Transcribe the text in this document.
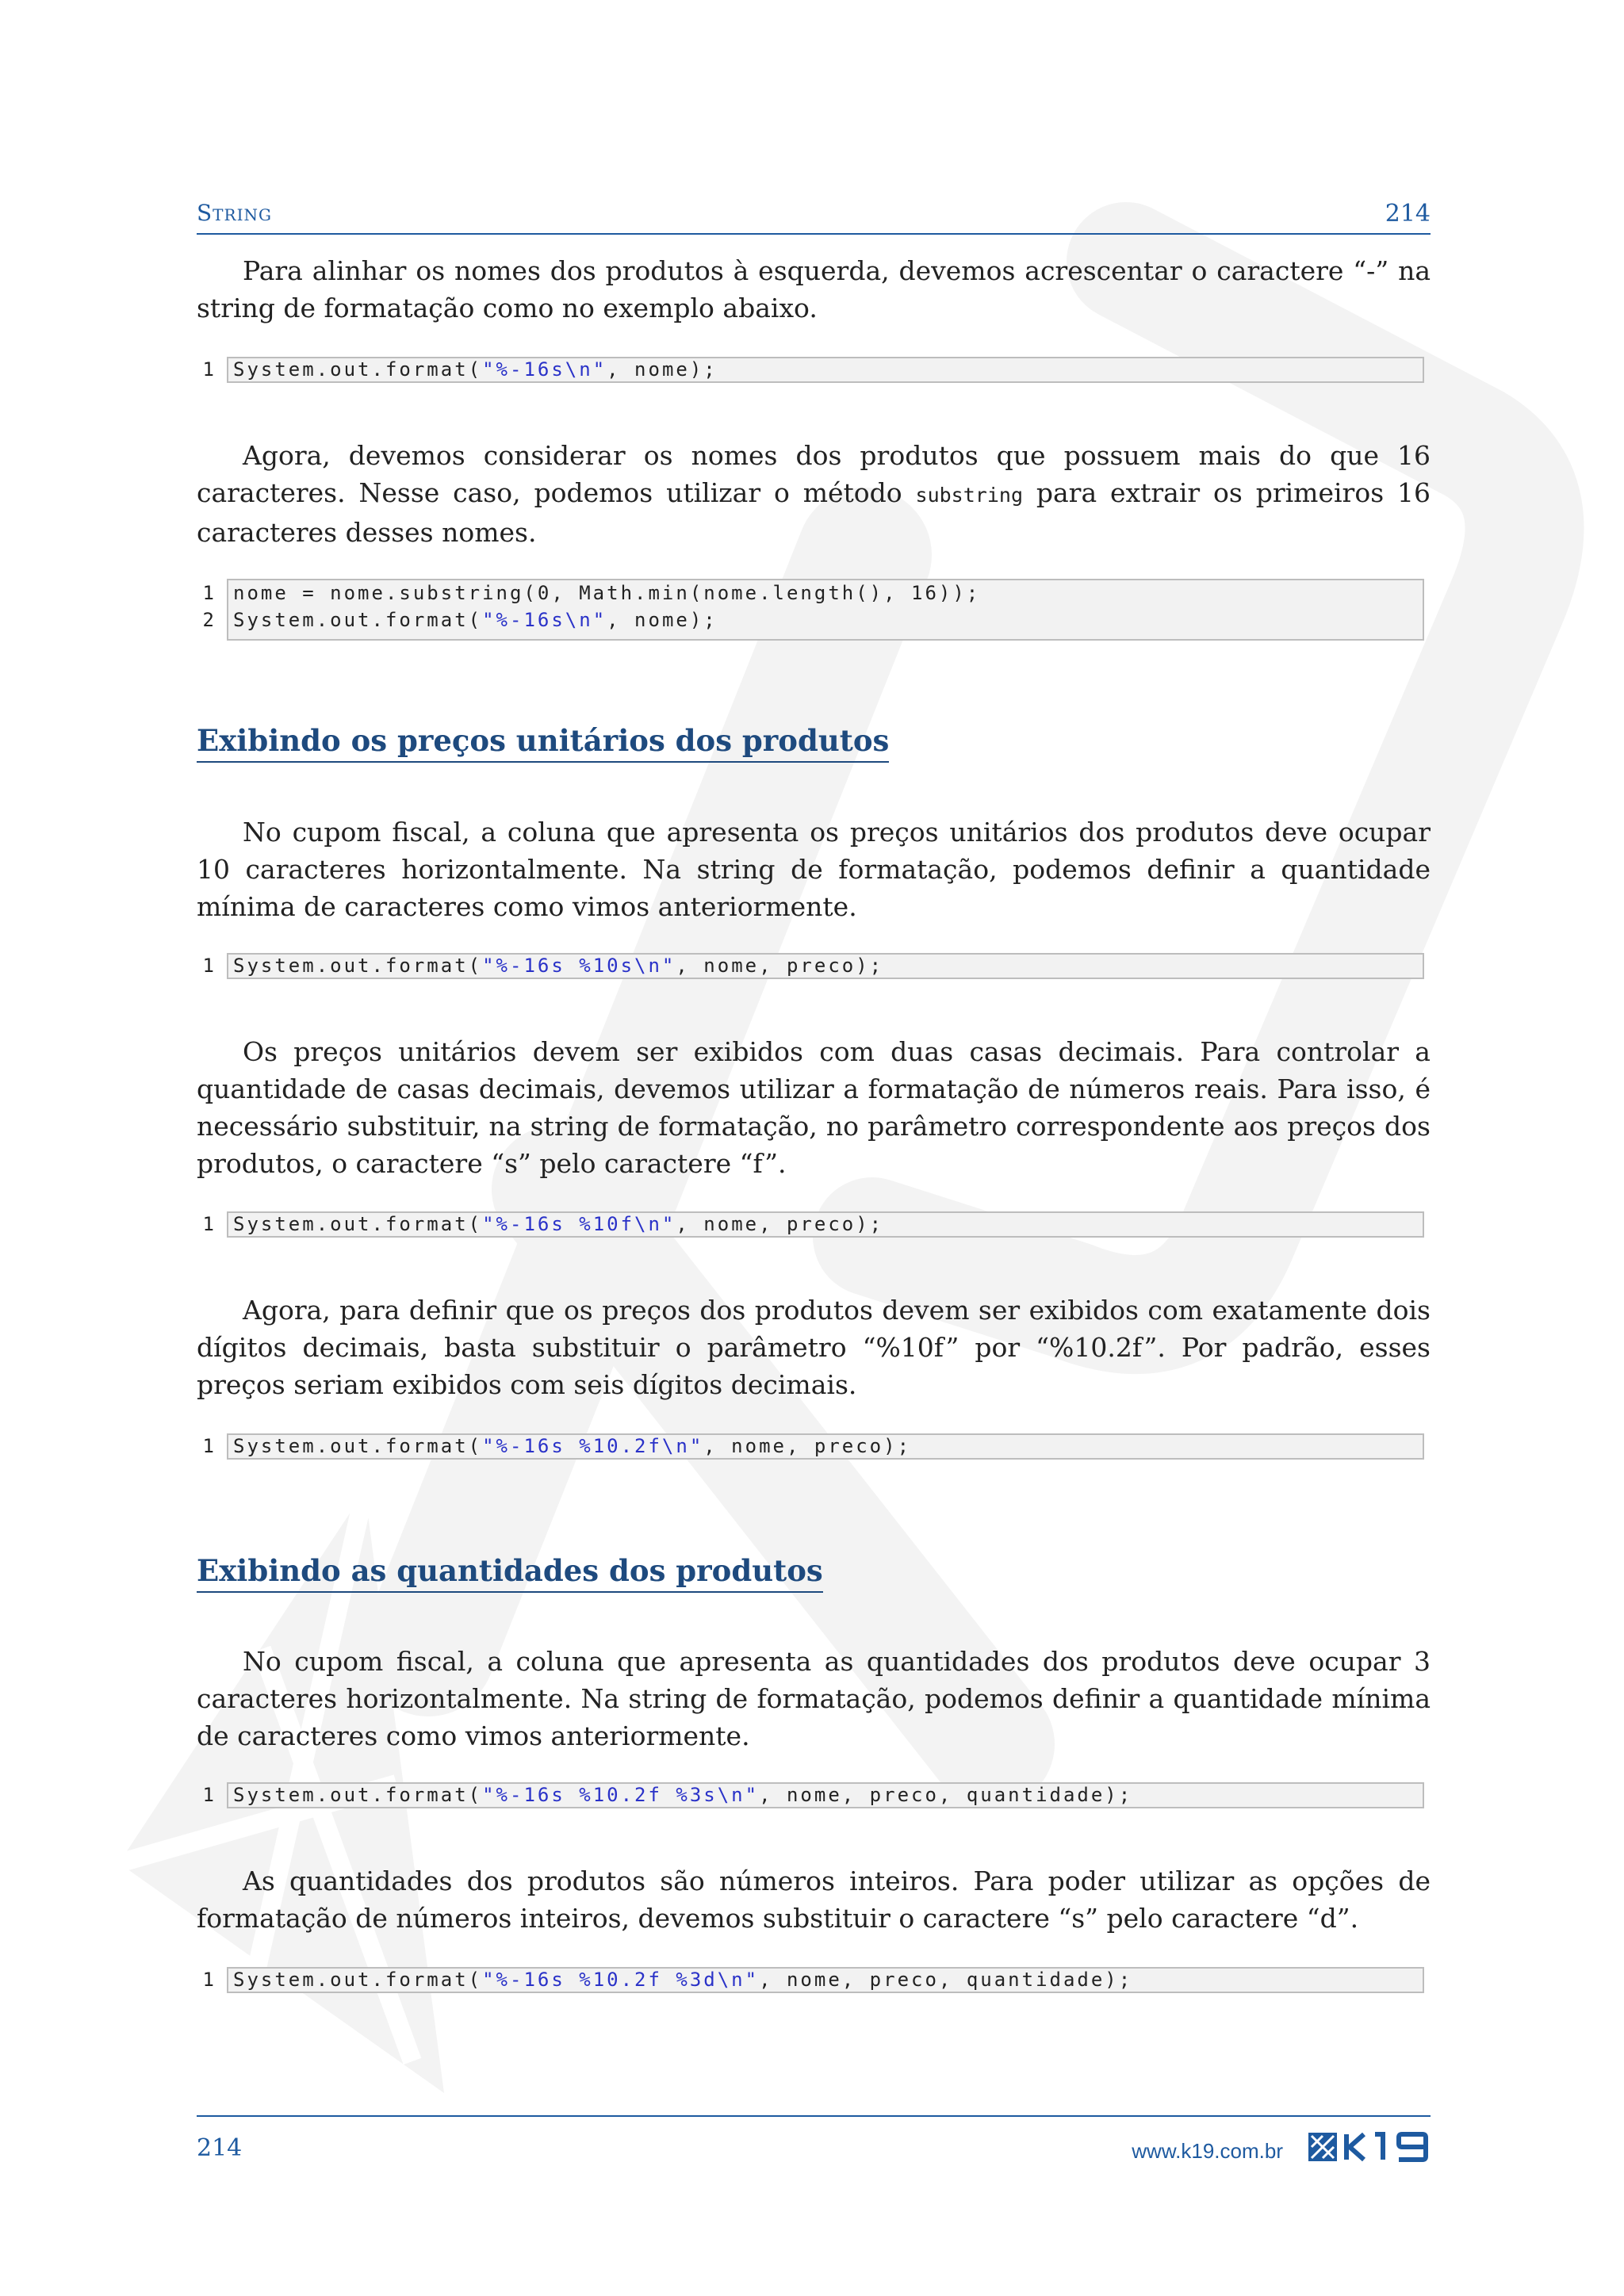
String	214

Para alinhar os nomes dos produtos à esquerda, devemos acrescentar o caractere “-” na string de formatação como no exemplo abaixo.

1 System.out.format("%-16s\n", nome);

Agora, devemos considerar os nomes dos produtos que possuem mais do que 16 caracteres. Nesse caso, podemos utilizar o método substring para extrair os primeiros 16 caracteres desses nomes.

1 nome = nome.substring(0, Math.min(nome.length(), 16));
2 System.out.format("%-16s\n", nome);
Exibindo os preços unitários dos produtos

No cupom fiscal, a coluna que apresenta os preços unitários dos produtos deve ocupar 10 caracteres horizontalmente. Na string de formatação, podemos definir a quantidade mínima de caracteres como vimos anteriormente.

1 System.out.format("%-16s %10s\n", nome, preco);

Os preços unitários devem ser exibidos com duas casas decimais. Para controlar a quantidade de casas decimais, devemos utilizar a formatação de números reais. Para isso, é necessário substituir, na string de formatação, no parâmetro correspondente aos preços dos produtos, o caractere “s” pelo caractere “f”.

1 System.out.format("%-16s %10f\n", nome, preco);

Agora, para definir que os preços dos produtos devem ser exibidos com exatamente dois dígitos decimais, basta substituir o parâmetro “%10f” por “%10.2f”. Por padrão, esses preços seriam exibidos com seis dígitos decimais.

1 System.out.format("%-16s %10.2f\n", nome, preco);
Exibindo as quantidades dos produtos

No cupom fiscal, a coluna que apresenta as quantidades dos produtos deve ocupar 3 caracteres horizontalmente. Na string de formatação, podemos definir a quantidade mínima de caracteres como vimos anteriormente.

1 System.out.format("%-16s %10.2f %3s\n", nome, preco, quantidade);

As quantidades dos produtos são números inteiros. Para poder utilizar as opções de formatação de números inteiros, devemos substituir o caractere “s” pelo caractere “d”.

1 System.out.format("%-16s %10.2f %3d\n", nome, preco, quantidade);
214	www.k19.com.br
